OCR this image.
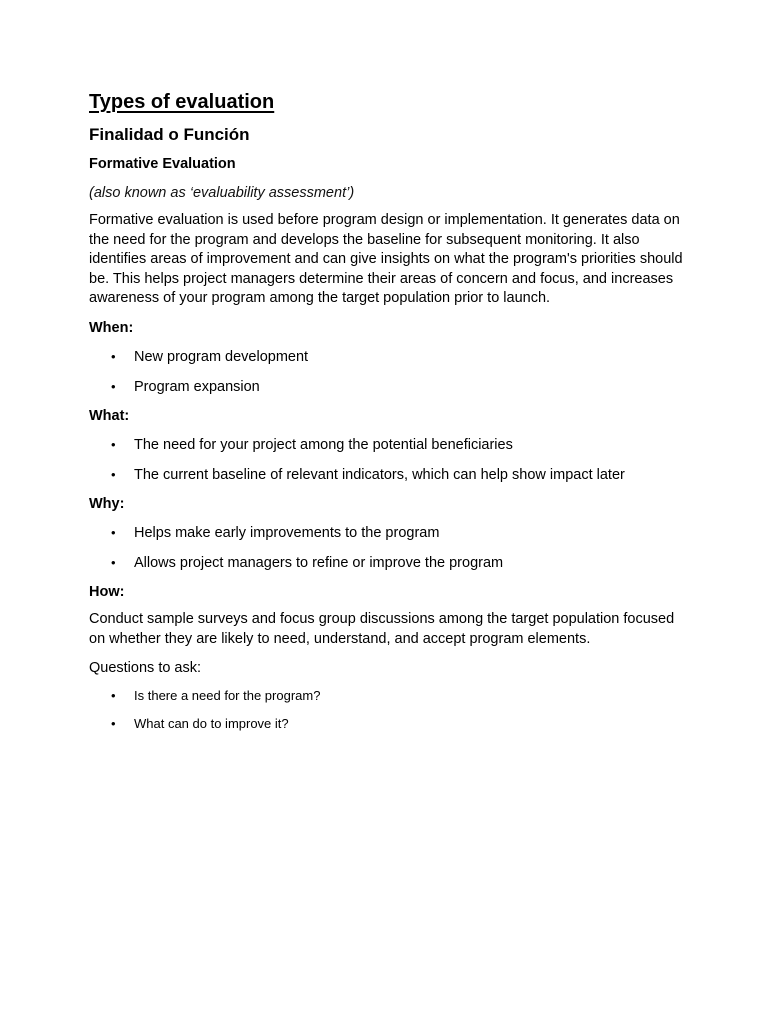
Types of evaluation
Finalidad o Función
Formative Evaluation

(also known as ‘evaluability assessment’)

Formative evaluation is used before program design or implementation. It generates data on the need for the program and develops the baseline for subsequent monitoring. It also identifies areas of improvement and can give insights on what the program's priorities should be. This helps project managers determine their areas of concern and focus, and increases awareness of your program among the target population prior to launch.

When:

• New program development
• Program expansion

What:

• The need for your project among the potential beneficiaries
• The current baseline of relevant indicators, which can help show impact later

Why:

• Helps make early improvements to the program
• Allows project managers to refine or improve the program

How:

Conduct sample surveys and focus group discussions among the target population focused on whether they are likely to need, understand, and accept program elements.

Questions to ask:

• Is there a need for the program?
• What can do to improve it?
